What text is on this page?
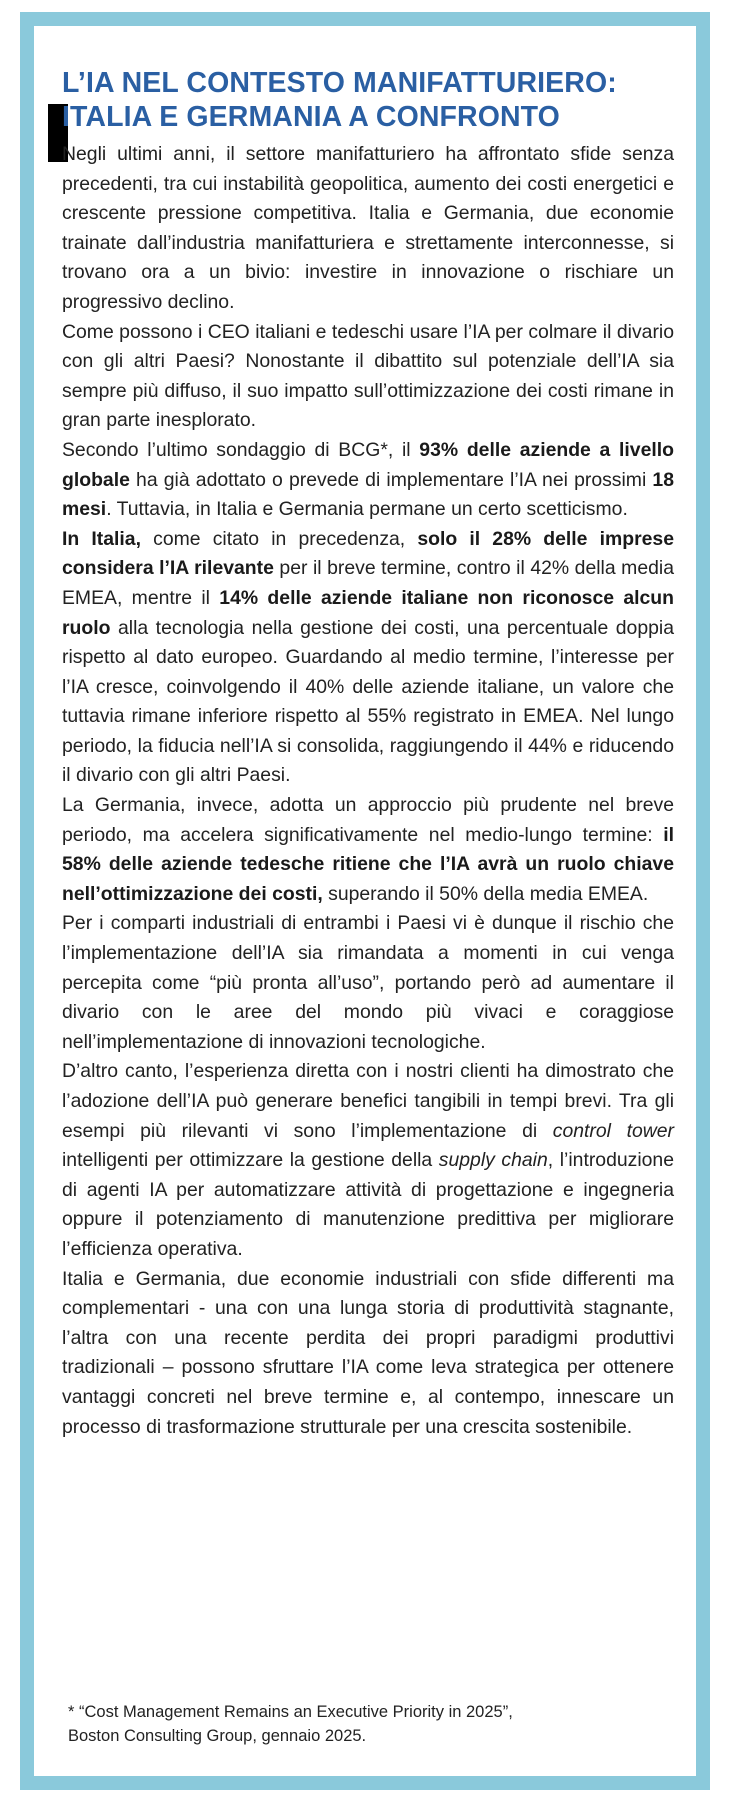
L’IA NEL CONTESTO MANIFATTURIERO:
ITALIA E GERMANIA A CONFRONTO

Negli ultimi anni, il settore manifatturiero ha affrontato sfide senza precedenti, tra cui instabilità geopolitica, aumento dei costi energetici e crescente pressione competitiva. Italia e Germania, due economie trainate dall’industria manifatturiera e strettamente interconnesse, si trovano ora a un bivio: investire in innovazione o rischiare un progressivo declino.

Come possono i CEO italiani e tedeschi usare l’IA per colmare il divario con gli altri Paesi? Nonostante il dibattito sul potenziale dell’IA sia sempre più diffuso, il suo impatto sull’ottimizzazione dei costi rimane in gran parte inesplorato.

Secondo l’ultimo sondaggio di BCG*, il 93% delle aziende a livello globale ha già adottato o prevede di implementare l’IA nei prossimi 18 mesi. Tuttavia, in Italia e Germania permane un certo scetticismo.

In Italia, come citato in precedenza, solo il 28% delle imprese considera l’IA rilevante per il breve termine, contro il 42% della media EMEA, mentre il 14% delle aziende italiane non riconosce alcun ruolo alla tecnologia nella gestione dei costi, una percentuale doppia rispetto al dato europeo. Guardando al medio termine, l’interesse per l’IA cresce, coinvolgendo il 40% delle aziende italiane, un valore che tuttavia rimane inferiore rispetto al 55% registrato in EMEA. Nel lungo periodo, la fiducia nell’IA si consolida, raggiungendo il 44% e riducendo il divario con gli altri Paesi.

La Germania, invece, adotta un approccio più prudente nel breve periodo, ma accelera significativamente nel medio-lungo termine: il 58% delle aziende tedesche ritiene che l’IA avrà un ruolo chiave nell’ottimizzazione dei costi, superando il 50% della media EMEA.

Per i comparti industriali di entrambi i Paesi vi è dunque il rischio che l’implementazione dell’IA sia rimandata a momenti in cui venga percepita come “più pronta all’uso”, portando però ad aumentare il divario con le aree del mondo più vivaci e coraggiose nell’implementazione di innovazioni tecnologiche.

D’altro canto, l’esperienza diretta con i nostri clienti ha dimostrato che l’adozione dell’IA può generare benefici tangibili in tempi brevi. Tra gli esempi più rilevanti vi sono l’implementazione di control tower intelligenti per ottimizzare la gestione della supply chain, l’introduzione di agenti IA per automatizzare attività di progettazione e ingegneria oppure il potenziamento di manutenzione predittiva per migliorare l’efficienza operativa.

Italia e Germania, due economie industriali con sfide differenti ma complementari - una con una lunga storia di produttività stagnante, l’altra con una recente perdita dei propri paradigmi produttivi tradizionali – possono sfruttare l’IA come leva strategica per ottenere vantaggi concreti nel breve termine e, al contempo, innescare un processo di trasformazione strutturale per una crescita sostenibile.

* “Cost Management Remains an Executive Priority in 2025”,
Boston Consulting Group, gennaio 2025.
